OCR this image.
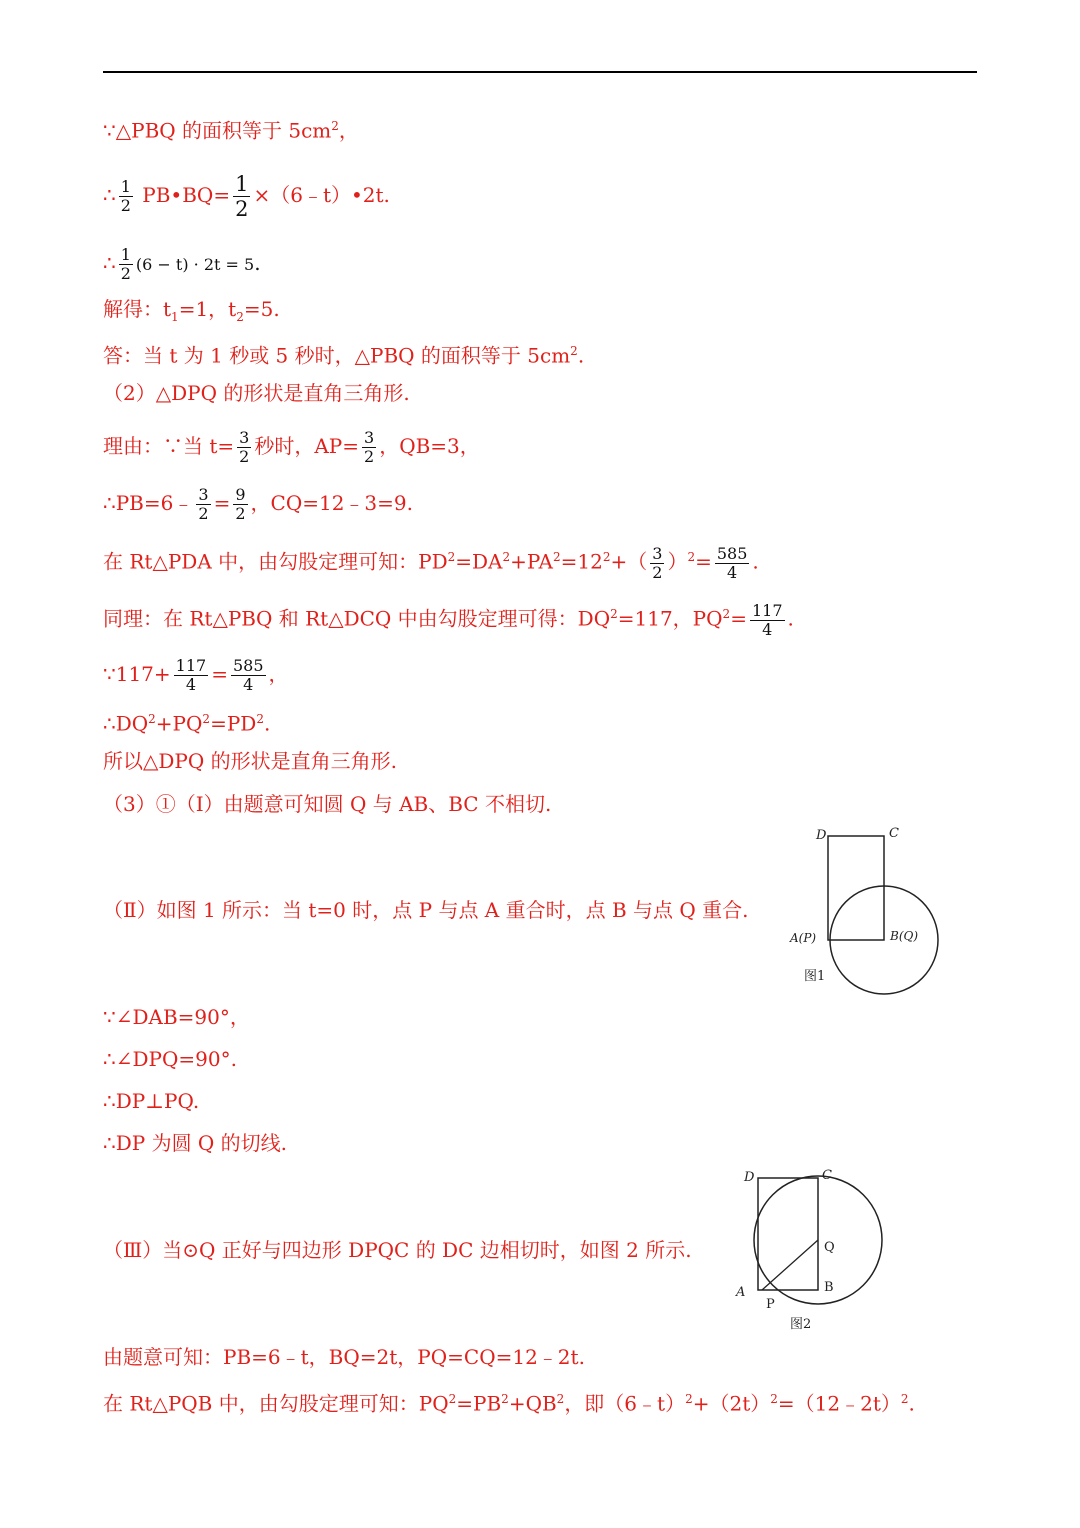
∵△PBQ 的面积等于 $5cm^2$，
∴ $\frac{1}{2}$ PB•BQ= $\frac{1}{2}$ ×（6﹣t）•2t.
∴ $\frac{1}{2} (6 - t) \cdot 2t = 5$.
解得：$t_1=1$，$t_2=5$.
答：当 t 为 1 秒或 5 秒时，△PBQ 的面积等于 $5cm^2$.
（2）△DPQ 的形状是直角三角形.
理由：∵当 $t= \frac{3}{2}$ 秒时，$AP= \frac{3}{2}$ ，QB=3，
∴PB=6﹣ $\frac{3}{2} = \frac{9}{2}$ ，CQ=12﹣3=9.
在 Rt△PDA 中，由勾股定理可知：$PD^2=DA^2+PA^2=12^2+( \frac{3}{2} )^2= \frac{585}{4}$ .
同理：在 Rt△PBQ 和 Rt△DCQ 中由勾股定理可得：$DQ^2=117$，$PQ^2= \frac{117}{4}$ .
∵117+ $\frac{117}{4} = \frac{585}{4}$ ，
$\therefore DQ^2+PQ^2=PD^2$.
所以△DPQ 的形状是直角三角形.
（3）①（Ⅰ）由题意可知圆 Q 与 AB、BC 不相切.
（Ⅱ）如图 1 所示：当 t=0 时，点 P 与点 A 重合时，点 B 与点 Q 重合.
D	C
A(P)	B(Q)
图1
∵∠DAB=90°，
∴∠DPQ=90°.
∴DP⊥PQ.
∴DP 为圆 Q 的切线.
（Ⅲ）当⊙Q 正好与四边形 DPQC 的 DC 边相切时，如图 2 所示.
D	C
Q
A
P
B
图2
由题意可知：PB=6﹣t，BQ=2t，PQ=CQ=12﹣2t.
在 Rt△PQB 中，由勾股定理可知：$PQ^2=PB^2+QB^2$，即$(6﹣t)^2+(2t)^2=(12﹣2t)^2$.
